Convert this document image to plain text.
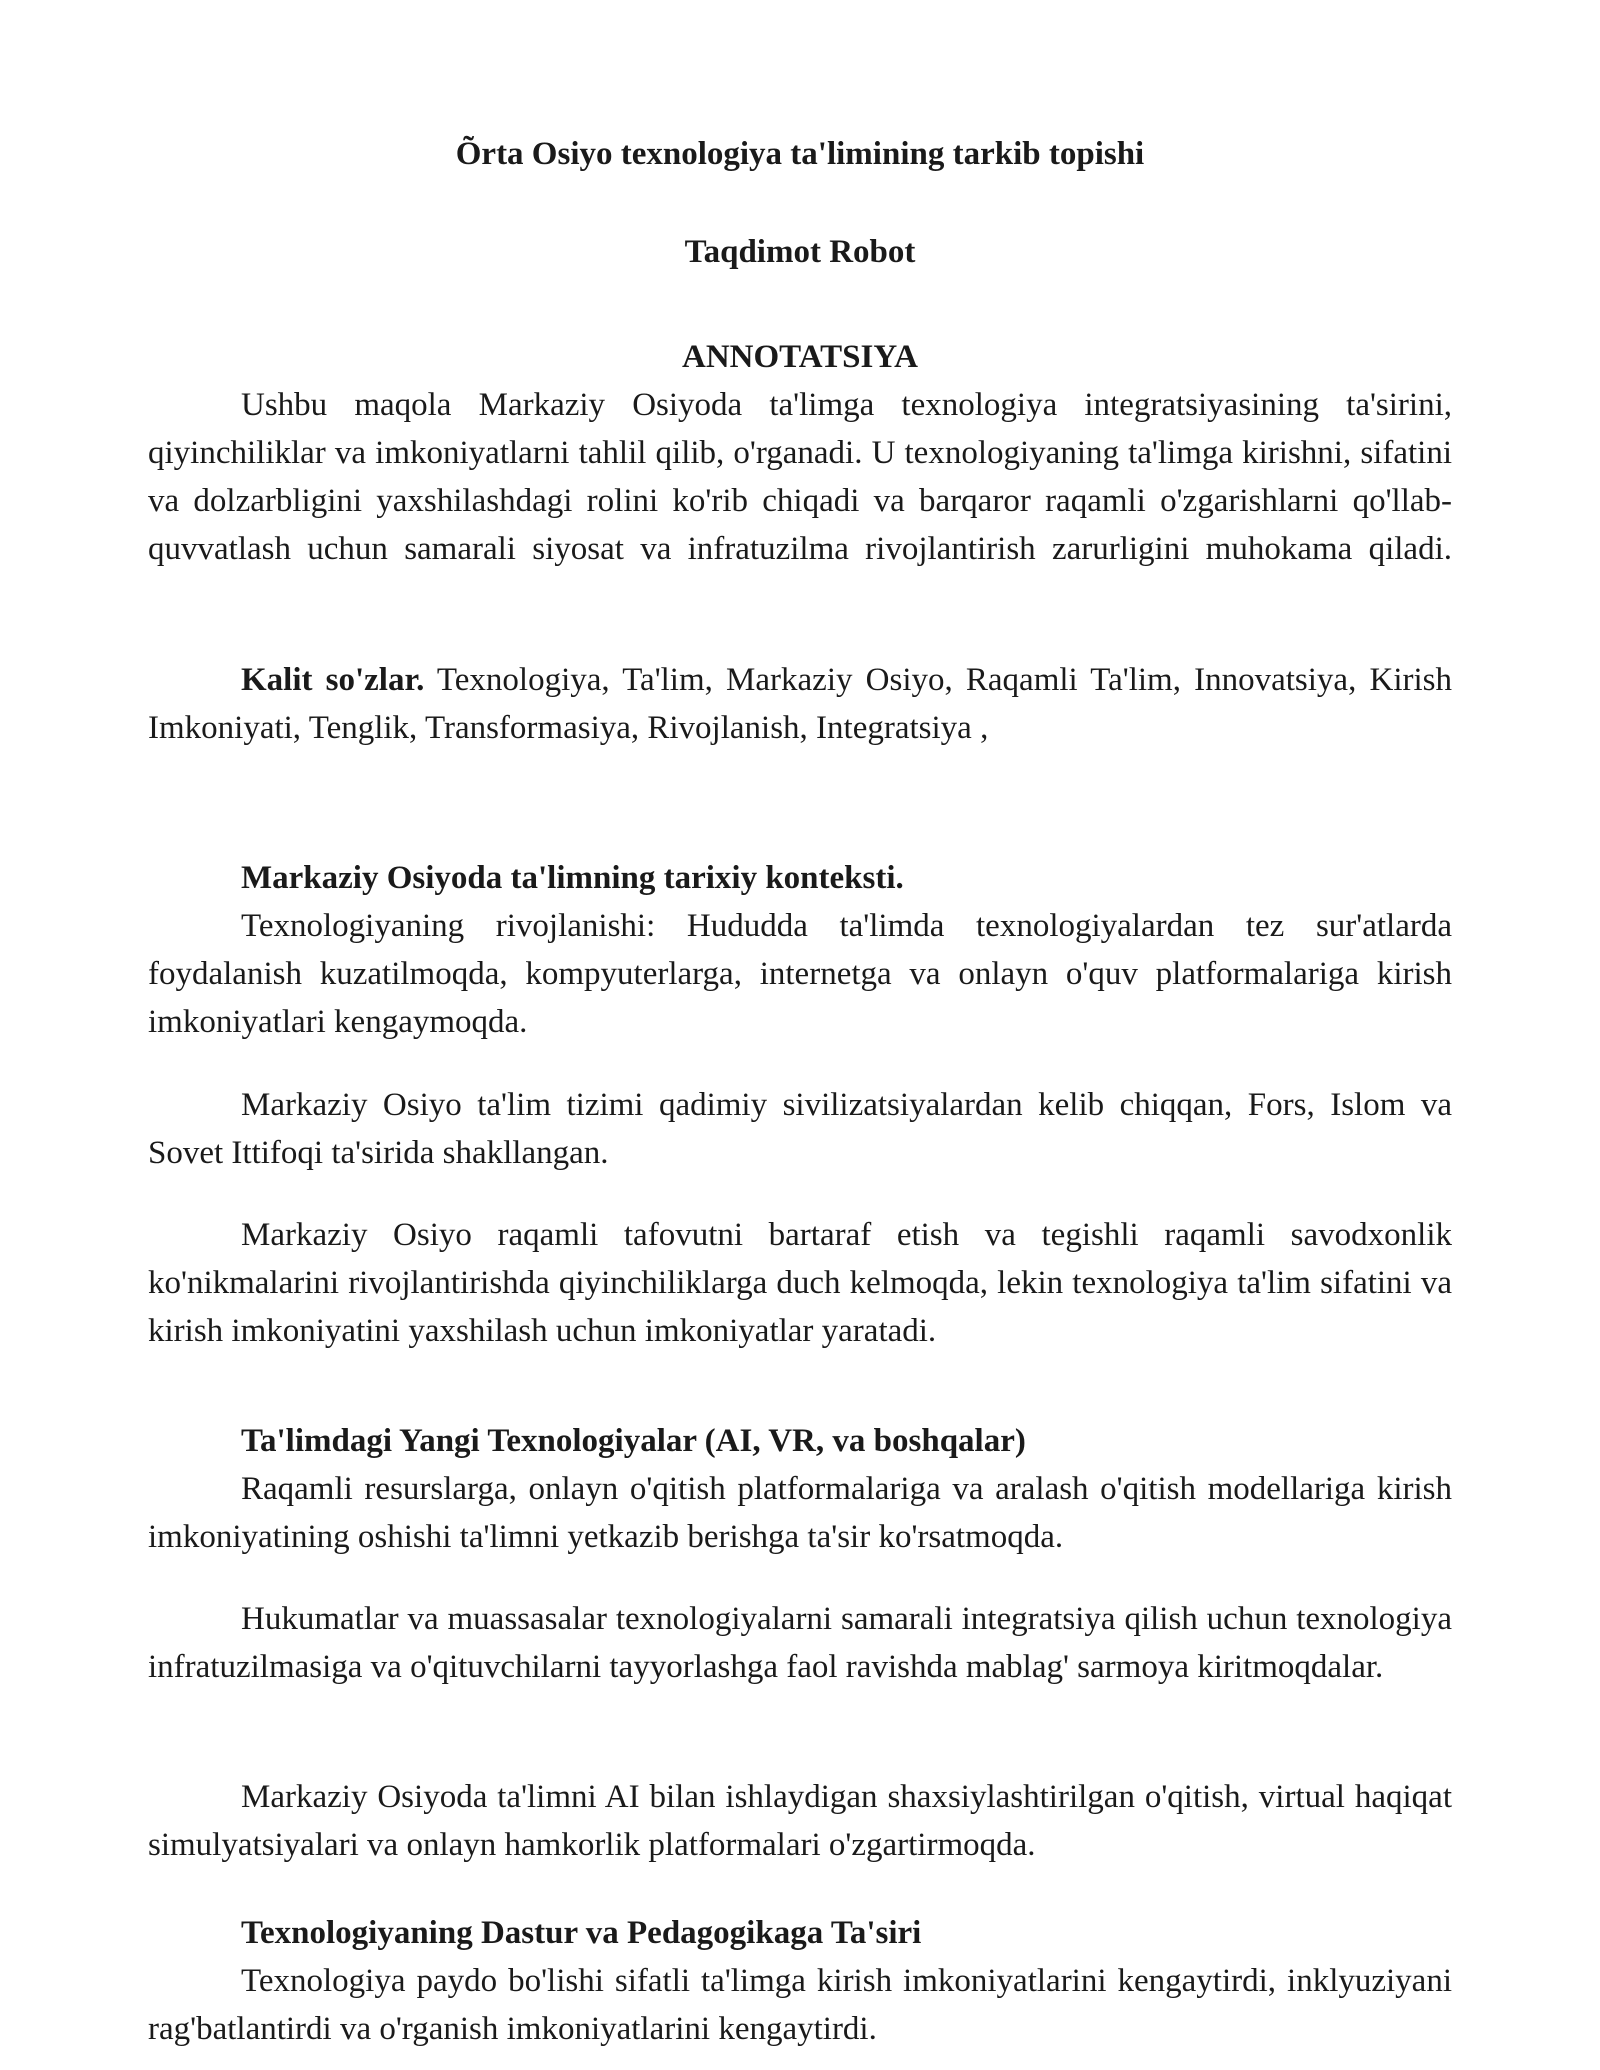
Õrta Osiyo texnologiya ta'limining tarkib topishi
Taqdimot Robot
ANNOTATSIYA

Ushbu maqola Markaziy Osiyoda ta'limga texnologiya integratsiyasining ta'sirini, qiyinchiliklar va imkoniyatlarni tahlil qilib, o'rganadi. U texnologiyaning ta'limga kirishni, sifatini va dolzarbligini yaxshilashdagi rolini ko'rib chiqadi va barqaror raqamli o'zgarishlarni qo'llab-quvvatlash uchun samarali siyosat va infratuzilma rivojlantirish zarurligini muhokama qiladi.

Kalit so'zlar. Texnologiya, Ta'lim, Markaziy Osiyo, Raqamli Ta'lim, Innovatsiya, Kirish Imkoniyati, Tenglik, Transformasiya, Rivojlanish, Integratsiya ,

Markaziy Osiyoda ta'limning tarixiy konteksti.

Texnologiyaning rivojlanishi: Hududda ta'limda texnologiyalardan tez sur'atlarda foydalanish kuzatilmoqda, kompyuterlarga, internetga va onlayn o'quv platformalariga kirish imkoniyatlari kengaymoqda.

Markaziy Osiyo ta'lim tizimi qadimiy sivilizatsiyalardan kelib chiqqan, Fors, Islom va Sovet Ittifoqi ta'sirida shakllangan.

Markaziy Osiyo raqamli tafovutni bartaraf etish va tegishli raqamli savodxonlik ko'nikmalarini rivojlantirishda qiyinchiliklarga duch kelmoqda, lekin texnologiya ta'lim sifatini va kirish imkoniyatini yaxshilash uchun imkoniyatlar yaratadi.

Ta'limdagi Yangi Texnologiyalar (AI, VR, va boshqalar)

Raqamli resurslarga, onlayn o'qitish platformalariga va aralash o'qitish modellariga kirish imkoniyatining oshishi ta'limni yetkazib berishga ta'sir ko'rsatmoqda.

Hukumatlar va muassasalar texnologiyalarni samarali integratsiya qilish uchun texnologiya infratuzilmasiga va o'qituvchilarni tayyorlashga faol ravishda mablag' sarmoya kiritmoqdalar.

Markaziy Osiyoda ta'limni AI bilan ishlaydigan shaxsiylashtirilgan o'qitish, virtual haqiqat simulyatsiyalari va onlayn hamkorlik platformalari o'zgartirmoqda.

Texnologiyaning Dastur va Pedagogikaga Ta'siri

Texnologiya paydo bo'lishi sifatli ta'limga kirish imkoniyatlarini kengaytirdi, inklyuziyani rag'batlantirdi va o'rganish imkoniyatlarini kengaytirdi.
